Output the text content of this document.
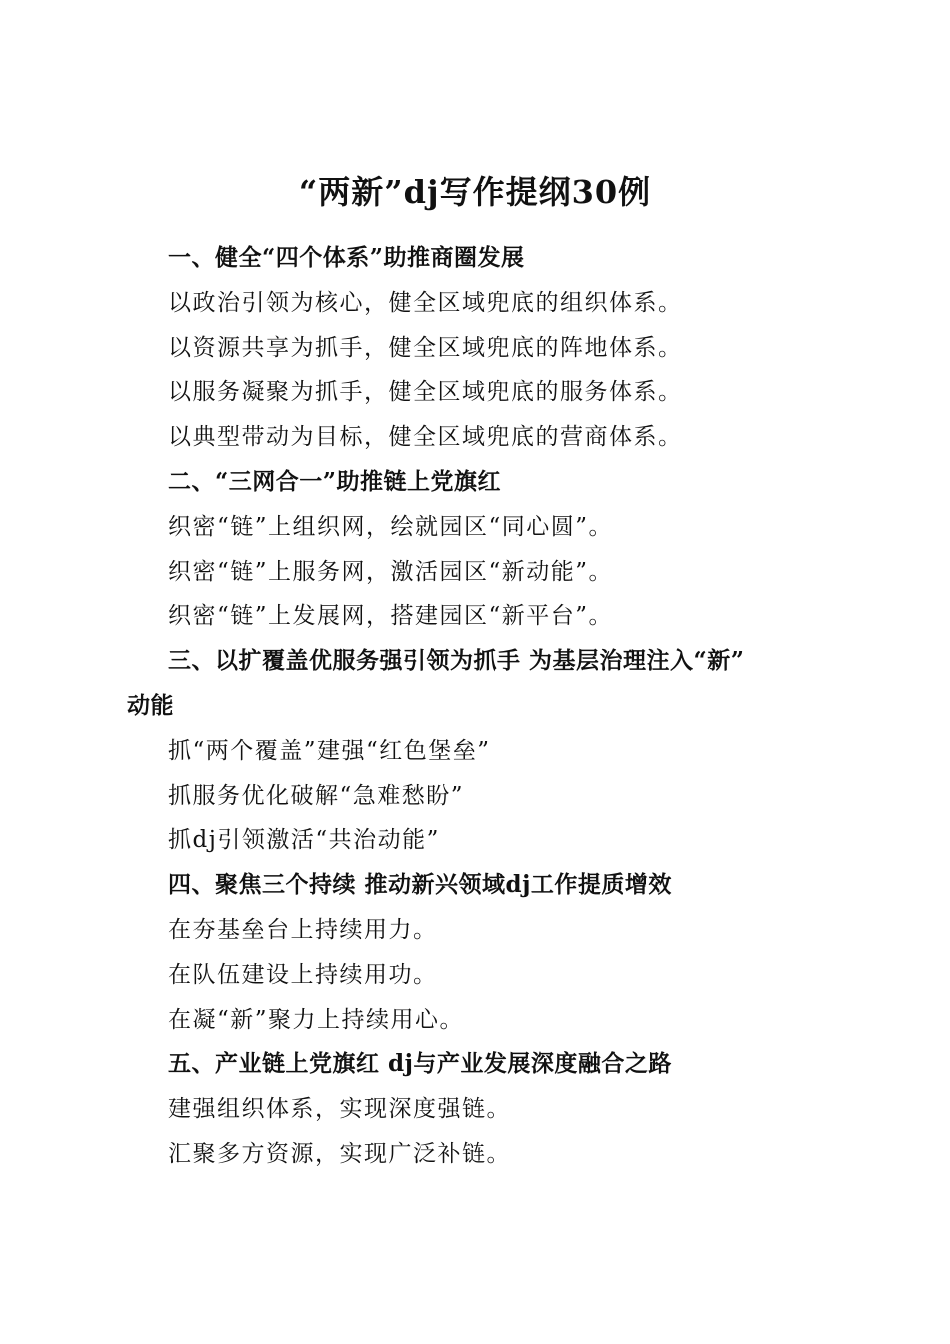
“两新”dj写作提纲30例
一、健全“四个体系”助推商圈发展
以政治引领为核心，健全区域兜底的组织体系。
以资源共享为抓手，健全区域兜底的阵地体系。
以服务凝聚为抓手，健全区域兜底的服务体系。
以典型带动为目标，健全区域兜底的营商体系。
二、“三网合一”助推链上党旗红
织密“链”上组织网，绘就园区“同心圆”。
织密“链”上服务网，激活园区“新动能”。
织密“链”上发展网，搭建园区“新平台”。
三、以扩覆盖优服务强引领为抓手 为基层治理注入“新”
动能
抓“两个覆盖”建强“红色堡垒”
抓服务优化破解“急难愁盼”
抓dj引领激活“共治动能”
四、聚焦三个持续 推动新兴领域dj工作提质增效
在夯基垒台上持续用力。
在队伍建设上持续用功。
在凝“新”聚力上持续用心。
五、产业链上党旗红 dj与产业发展深度融合之路
建强组织体系，实现深度强链。
汇聚多方资源，实现广泛补链。
